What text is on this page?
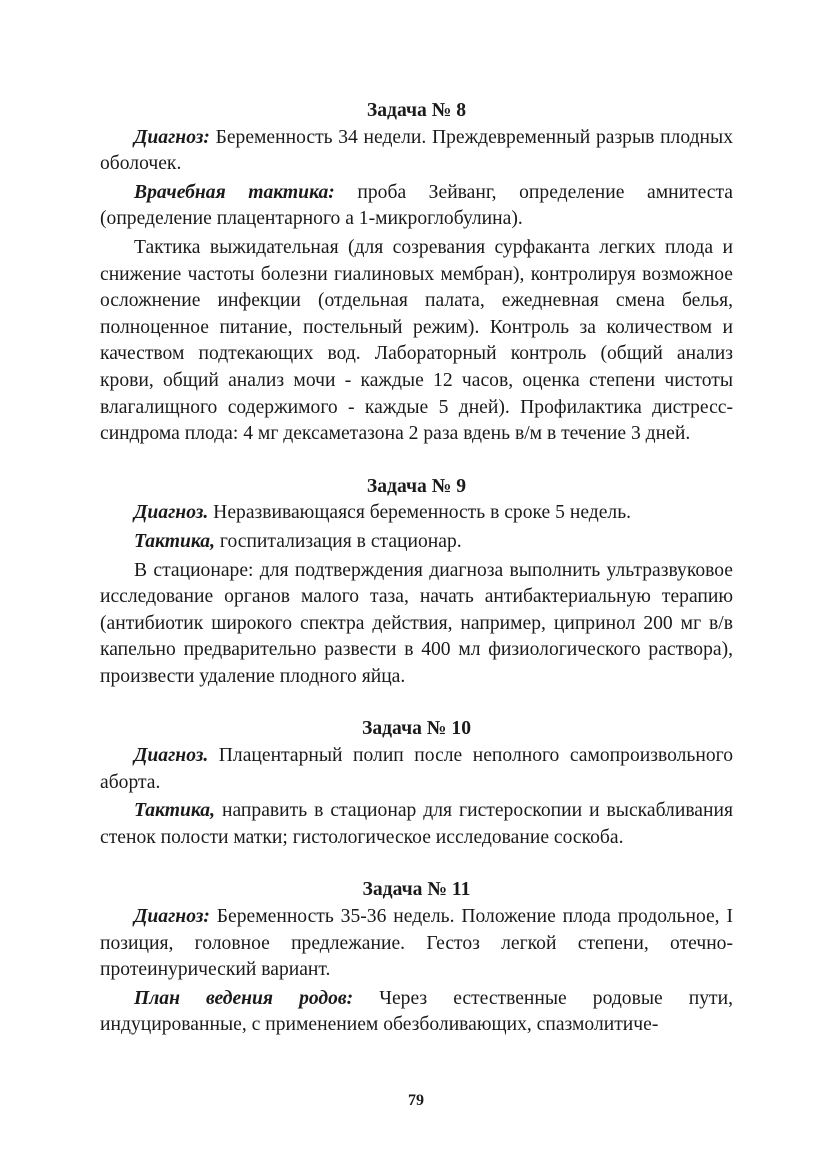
Задача № 8

Диагноз: Беременность 34 недели. Преждевременный разрыв плодных оболочек.

Врачебная тактика: проба Зейванг, определение амнитеста (определение плацентарного а 1-микроглобулина).

Тактика выжидательная (для созревания сурфаканта легких плода и снижение частоты болезни гиалиновых мембран), контролируя возможное осложнение инфекции (отдельная палата, ежедневная смена белья, полноценное питание, постельный режим). Контроль за количеством и качеством подтекающих вод. Лабораторный контроль (общий анализ крови, общий анализ мочи - каждые 12 часов, оценка степени чистоты влагалищного содержимого - каждые 5 дней). Профилактика дистресс-синдрома плода: 4 мг дексаметазона 2 раза вдень в/м в течение 3 дней.

Задача № 9

Диагноз. Неразвивающаяся беременность в сроке 5 недель.

Тактика, госпитализация в стационар.

В стационаре: для подтверждения диагноза выполнить ультразвуковое исследование органов малого таза, начать антибактериальную терапию (антибиотик широкого спектра действия, например, ципринол 200 мг в/в капельно предварительно развести в 400 мл физиологического раствора), произвести удаление плодного яйца.

Задача № 10

Диагноз. Плацентарный полип после неполного самопроизвольного аборта.

Тактика, направить в стационар для гистероскопии и выскабливания стенок полости матки; гистологическое исследование соскоба.

Задача № 11

Диагноз: Беременность 35-36 недель. Положение плода продольное, I позиция, головное предлежание. Гестоз легкой степени, отечно-протеинурический вариант.

План ведения родов: Через естественные родовые пути, индуцированные, с применением обезболивающих, спазмолитиче-

79
